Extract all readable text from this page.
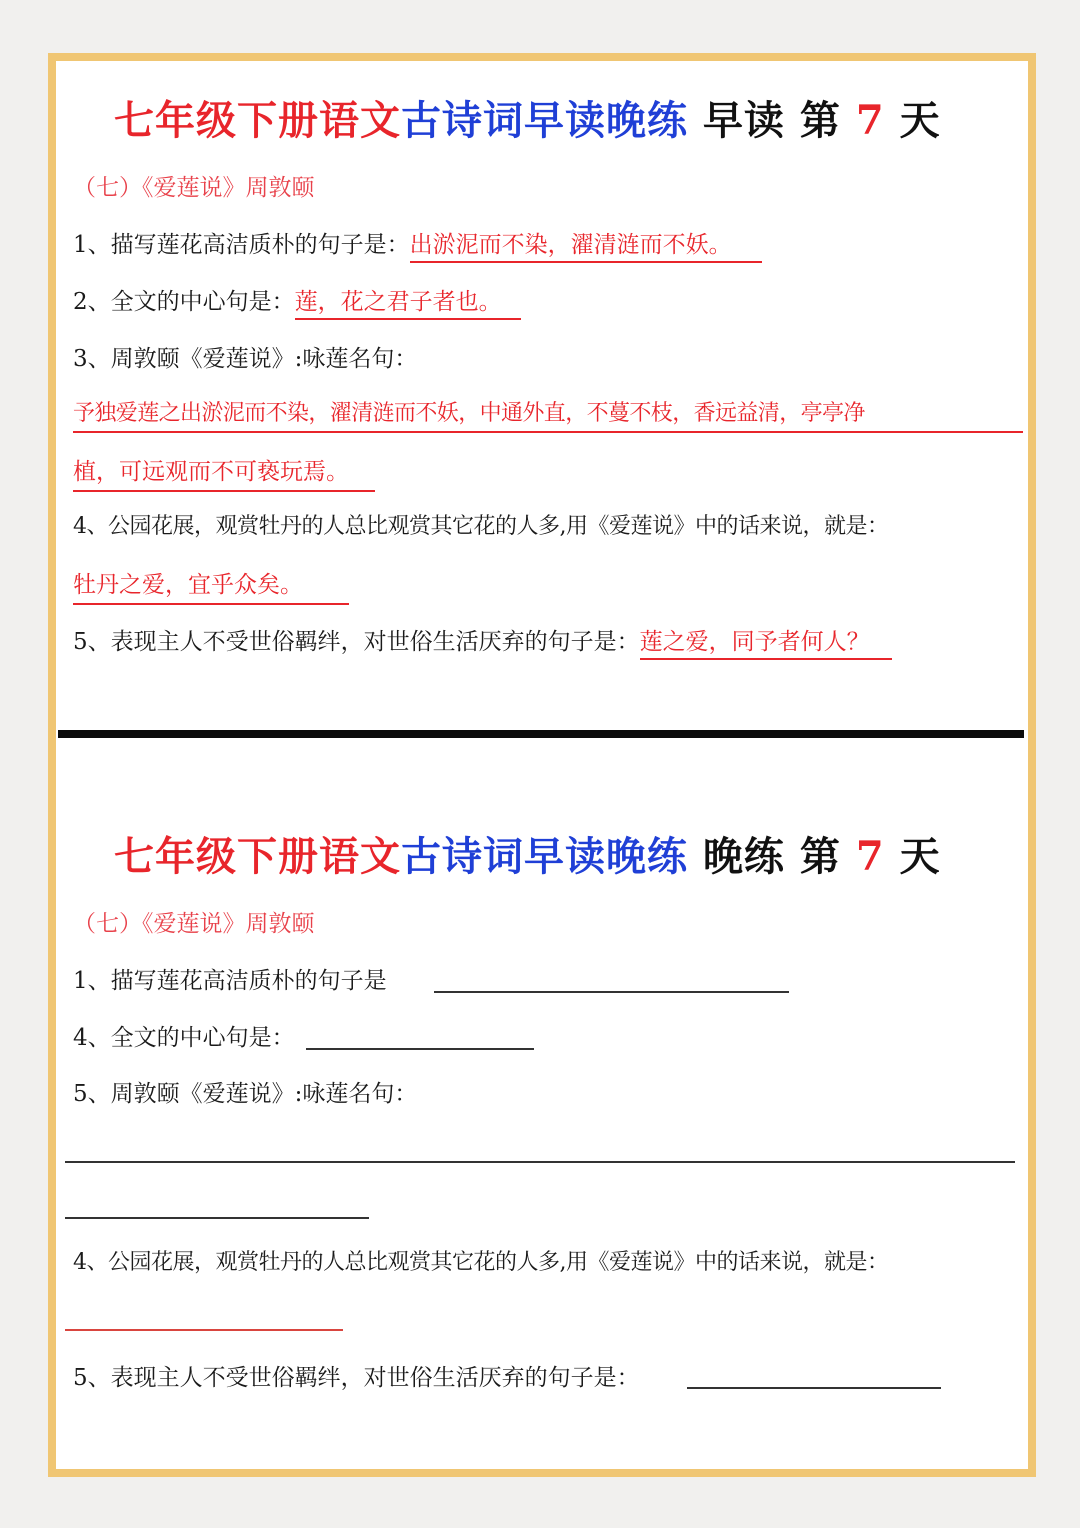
七年级下册语文古诗词早读晚练 早读 第 7 天
（七）《爱莲说》周敦颐
1、描写莲花高洁质朴的句子是：出淤泥而不染，濯清涟而不妖。
2、全文的中心句是：莲，花之君子者也。
3、周敦颐《爱莲说》:咏莲名句：
予独爱莲之出淤泥而不染，濯清涟而不妖，中通外直，不蔓不枝，香远益清，亭亭净
植，可远观而不可亵玩焉。
4、公园花展，观赏牡丹的人总比观赏其它花的人多,用《爱莲说》中的话来说，就是：
牡丹之爱，宜乎众矣。
5、表现主人不受世俗羁绊，对世俗生活厌弃的句子是：莲之爱，同予者何人？
七年级下册语文古诗词早读晚练 晚练 第 7 天
（七）《爱莲说》周敦颐
1、描写莲花高洁质朴的句子是
4、全文的中心句是：
5、周敦颐《爱莲说》:咏莲名句：
4、公园花展，观赏牡丹的人总比观赏其它花的人多,用《爱莲说》中的话来说，就是：
5、表现主人不受世俗羁绊，对世俗生活厌弃的句子是：
